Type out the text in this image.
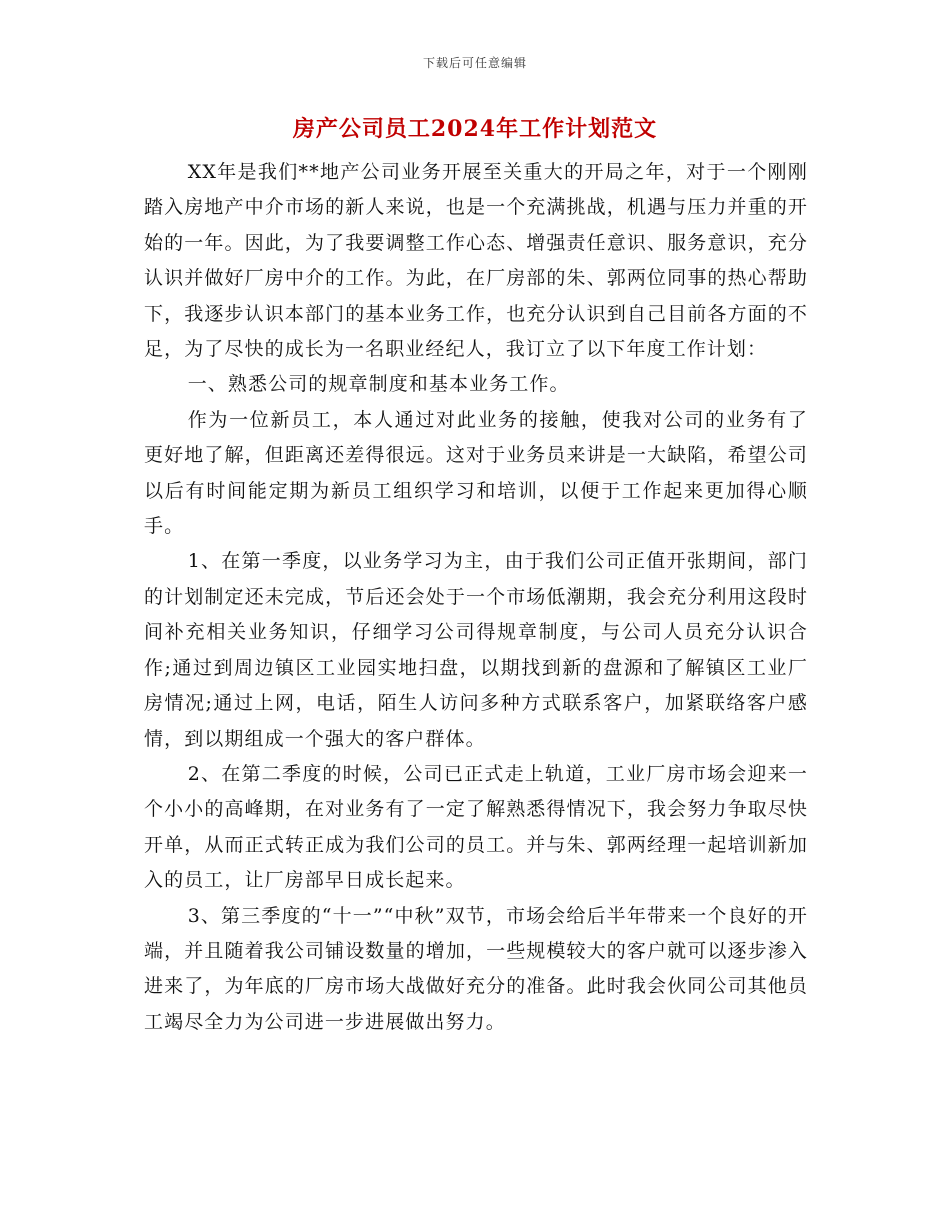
下载后可任意编辑
房产公司员工2024年工作计划范文

XX年是我们**地产公司业务开展至关重大的开局之年，对于一个刚刚踏入房地产中介市场的新人来说，也是一个充满挑战，机遇与压力并重的开始的一年。因此，为了我要调整工作心态、增强责任意识、服务意识，充分认识并做好厂房中介的工作。为此，在厂房部的朱、郭两位同事的热心帮助下，我逐步认识本部门的基本业务工作，也充分认识到自己目前各方面的不足，为了尽快的成长为一名职业经纪人，我订立了以下年度工作计划：

一、熟悉公司的规章制度和基本业务工作。

作为一位新员工，本人通过对此业务的接触，使我对公司的业务有了更好地了解，但距离还差得很远。这对于业务员来讲是一大缺陷，希望公司以后有时间能定期为新员工组织学习和培训，以便于工作起来更加得心顺手。

1、在第一季度，以业务学习为主，由于我们公司正值开张期间，部门的计划制定还未完成，节后还会处于一个市场低潮期，我会充分利用这段时间补充相关业务知识，仔细学习公司得规章制度，与公司人员充分认识合作;通过到周边镇区工业园实地扫盘，以期找到新的盘源和了解镇区工业厂房情况;通过上网，电话，陌生人访问多种方式联系客户，加紧联络客户感情，到以期组成一个强大的客户群体。

2、在第二季度的时候，公司已正式走上轨道，工业厂房市场会迎来一个小小的高峰期，在对业务有了一定了解熟悉得情况下，我会努力争取尽快开单，从而正式转正成为我们公司的员工。并与朱、郭两经理一起培训新加入的员工，让厂房部早日成长起来。

3、第三季度的“十一”“中秋”双节，市场会给后半年带来一个良好的开端，并且随着我公司铺设数量的增加，一些规模较大的客户就可以逐步渗入进来了，为年底的厂房市场大战做好充分的准备。此时我会伙同公司其他员工竭尽全力为公司进一步进展做出努力。
